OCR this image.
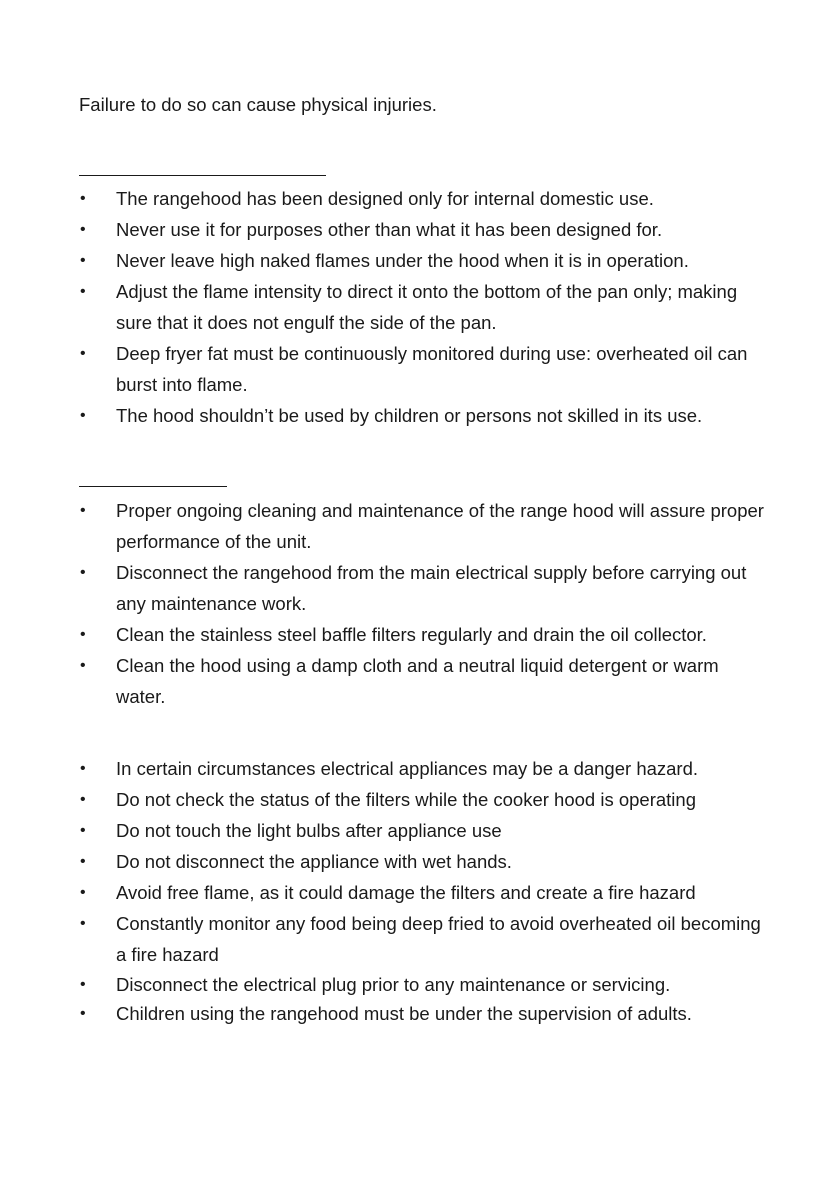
Failure to do so can cause physical injuries.

• The rangehood has been designed only for internal domestic use.
• Never use it for purposes other than what it has been designed for.
• Never leave high naked flames under the hood when it is in operation.
• Adjust the flame intensity to direct it onto the bottom of the pan only; making sure that it does not engulf the side of the pan.
• Deep fryer fat must be continuously monitored during use: overheated oil can burst into flame.
• The hood shouldn’t be used by children or persons not skilled in its use.
• Proper ongoing cleaning and maintenance of the range hood will assure proper performance of the unit.
• Disconnect the rangehood from the main electrical supply before carrying out any maintenance work.
• Clean the stainless steel baffle filters regularly and drain the oil collector.
• Clean the hood using a damp cloth and a neutral liquid detergent or warm water.
• In certain circumstances electrical appliances may be a danger hazard.
• Do not check the status of the filters while the cooker hood is operating
• Do not touch the light bulbs after appliance use
• Do not disconnect the appliance with wet hands.
• Avoid free flame, as it could damage the filters and create a fire hazard
• Constantly monitor any food being deep fried to avoid overheated oil becoming a fire hazard
• Disconnect the electrical plug prior to any maintenance or servicing.
• Children using the rangehood must be under the supervision of adults.
